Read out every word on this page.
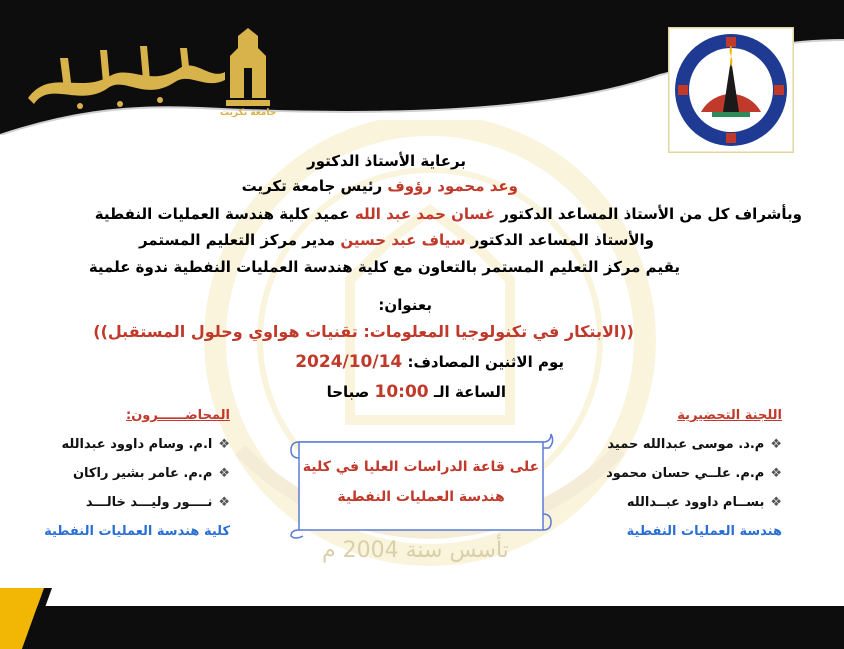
جامعة تكريت
تأسس سنة 2004 م
برعاية الأستاذ الدكتور
وعد محمود رؤوف رئيس جامعة تكريت
وبأشراف كل من الأستاذ المساعد الدكتور غسان حمد عبد الله عميد كلية هندسة العمليات النفطية
والأستاذ المساعد الدكتور سياف عبد حسين مدير مركز التعليم المستمر
يقيم مركز التعليم المستمر بالتعاون مع كلية هندسة العمليات النفطية ندوة علمية
بعنوان:
((الابتكار في تكنولوجيا المعلومات: تقنيات هواوي وحلول المستقبل))
يوم الاثنين المصادف: 2024/10/14
الساعة الـ 10:00 صباحا
المحاضــــــرون:
❖ا.م. وسام داوود عبدالله
❖م.م. عامر بشير راكان
❖نــــور وليـــد خالـــد
كلية هندسة العمليات النفطية
اللجنة التحضيرية
❖م.د. موسى عبدالله حميد
❖م.م. علــي حسان محمود
❖بســام داوود عبــدالله
هندسة العمليات النفطية
على قاعة الدراسات العليا في كلية
هندسة العمليات النفطية
